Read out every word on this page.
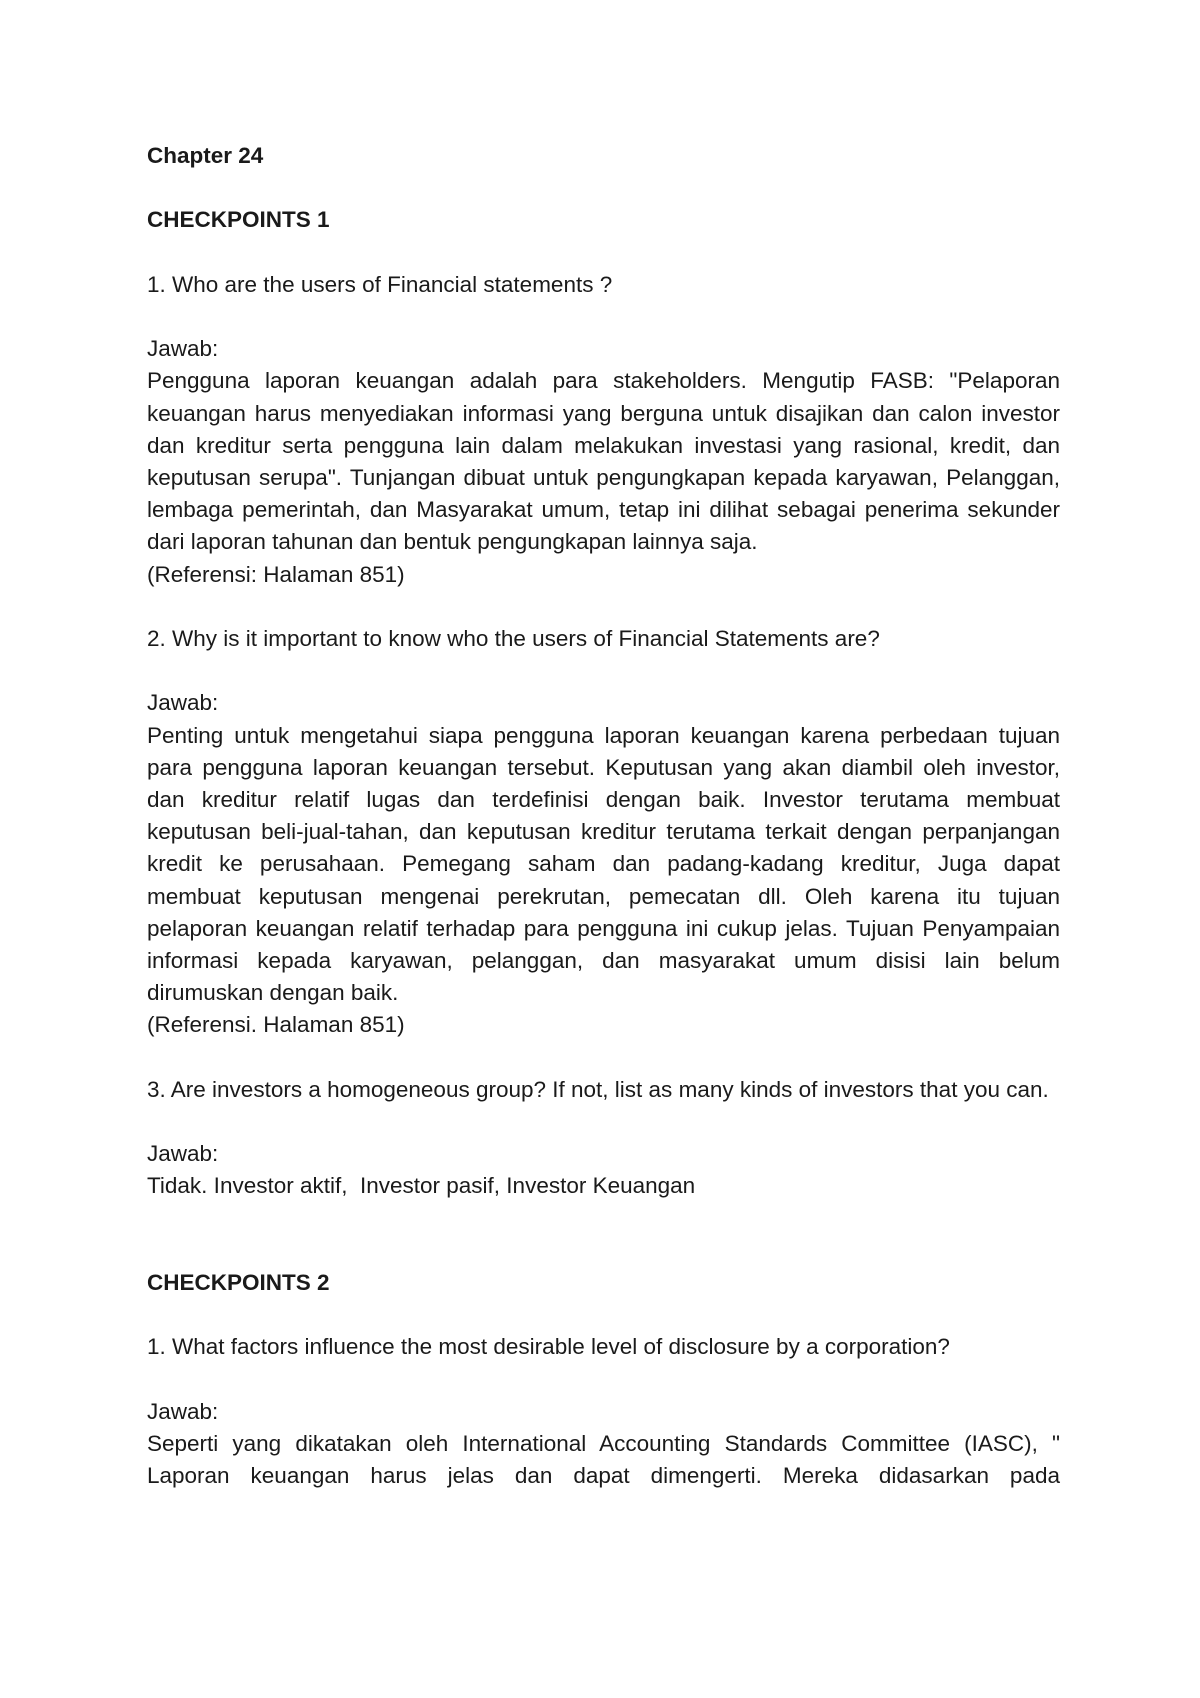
Chapter 24

CHECKPOINTS 1

1. Who are the users of Financial statements ?

Jawab:

Pengguna laporan keuangan adalah para stakeholders. Mengutip FASB: "Pelaporan keuangan harus menyediakan informasi yang berguna untuk disajikan dan calon investor dan kreditur serta pengguna lain dalam melakukan investasi yang rasional, kredit, dan keputusan serupa". Tunjangan dibuat untuk pengungkapan kepada karyawan, Pelanggan, lembaga pemerintah, dan Masyarakat umum, tetap ini dilihat sebagai penerima sekunder dari laporan tahunan dan bentuk pengungkapan lainnya saja.

(Referensi: Halaman 851)

2. Why is it important to know who the users of Financial Statements are?

Jawab:

Penting untuk mengetahui siapa pengguna laporan keuangan karena perbedaan tujuan para pengguna laporan keuangan tersebut. Keputusan yang akan diambil oleh investor, dan kreditur relatif lugas dan terdefinisi dengan baik. Investor terutama membuat keputusan beli-jual-tahan, dan keputusan kreditur terutama terkait dengan perpanjangan kredit ke perusahaan. Pemegang saham dan padang-kadang kreditur, Juga dapat membuat keputusan mengenai perekrutan, pemecatan dll. Oleh karena itu tujuan pelaporan keuangan relatif terhadap para pengguna ini cukup jelas. Tujuan Penyampaian informasi kepada karyawan, pelanggan, dan masyarakat umum disisi lain belum dirumuskan dengan baik.

(Referensi. Halaman 851)

3. Are investors a homogeneous group? If not, list as many kinds of investors that you can.

Jawab:

Tidak. Investor aktif,  Investor pasif, Investor Keuangan

CHECKPOINTS 2

1. What factors influence the most desirable level of disclosure by a corporation?

Jawab:

Seperti yang dikatakan oleh International Accounting Standards Committee (IASC), " Laporan keuangan harus jelas dan dapat dimengerti. Mereka didasarkan pada
